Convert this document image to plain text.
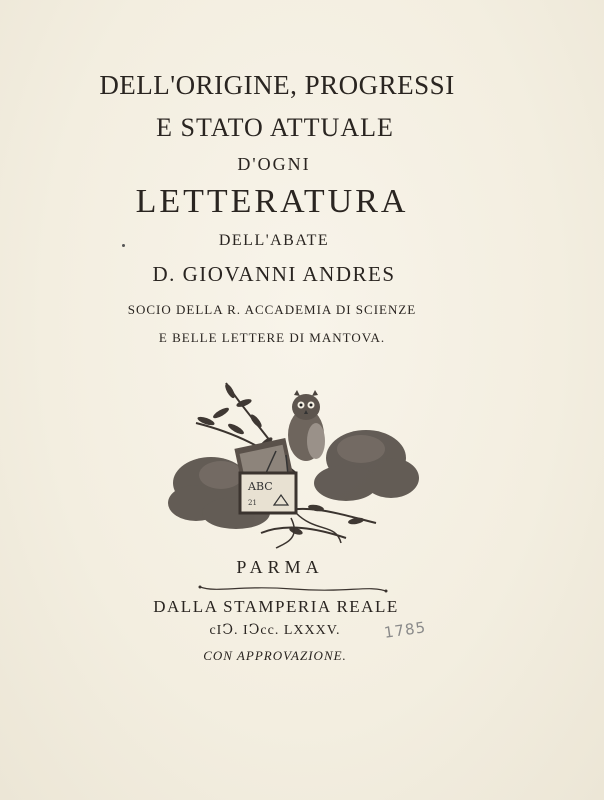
DELL'ORIGINE, PROGRESSI
E STATO ATTUALE
D'OGNI
LETTERATURA
DELL'ABATE
D. GIOVANNI ANDRES
SOCIO DELLA R. ACCADEMIA DI SCIENZE
E BELLE LETTERE DI MANTOVA.
ABC
21
PARMA
DALLA STAMPERIA REALE
cIↃ. IↃcc. LXXXV.	1785
CON APPROVAZIONE.
